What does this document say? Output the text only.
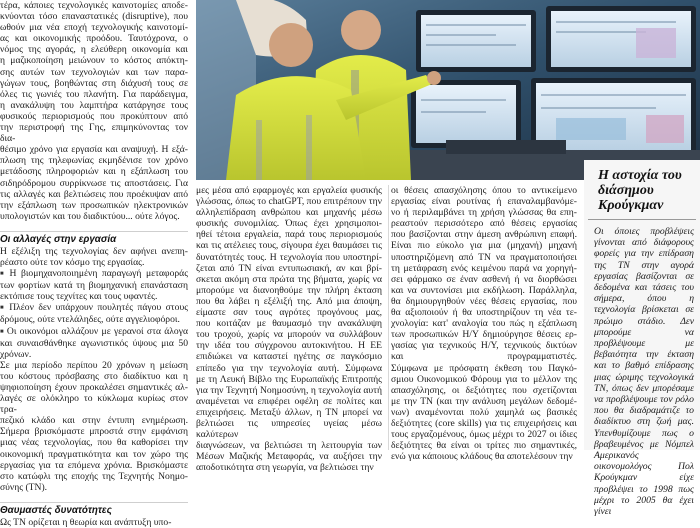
τέρα, κάποιες τεχνολογικές καινοτομίες αποδε-

κνύονται τόσο επαναστατικές (disruptive), που

ωθούν μια νέα εποχή τεχνολογικής καινοτομί-

ας και οικονομικής προόδου. Ταυτόχρονα, ο

νόμος της αγοράς, η ελεύθερη οικονομία και

η μαζικοποίηση μειώνουν το κόστος απόκτη-

σης αυτών των τεχνολογιών και των παρα-

γώγων τους, βοηθώντας στη διάχυσή τους σε

όλες τις γωνιές του πλανήτη. Για παράδειγμα,

η ανακάλυψη του λαμπτήρα κατάργησε τους

φυσικούς περιορισμούς που προκύπτουν από

την περιστροφή της Γης, επιμηκύνοντας τον δια-

θέσιμο χρόνο για εργασία και αναψυχή. Η εξά-

πλωση της τηλεφωνίας εκμηδένισε τον χρόνο

μετάδοσης πληροφοριών και η εξάπλωση του

σιδηρόδρομου συρρίκνωσε τις αποστάσεις. Για

τις αλλαγές και βελτιώσεις που προέκυψαν από

την εξάπλωση των προσωπικών ηλεκτρονικών

υπολογιστών και του διαδικτύου... ούτε λόγος.

Οι αλλαγές στην εργασία

Η εξέλιξη της τεχνολογίας δεν αφήνει ανεπη-

ρέαστο ούτε τον κόσμο της εργασίας.

■ Η βιομηχανοποιημένη παραγωγή μεταφοράς των φορτίων κατά τη βιομηχανική επανάσταση εκτόπισε τους τεχνίτες και τους υφαντές.

■ Πλέον δεν υπάρχουν πουλητές πάγου στους δρόμους, ούτε ντελάληδες, ούτε αγγελιοφόροι.

■ Οι οικονόμοι αλλάζουν με γερανοί στα άλογα και συναισθάνθηκε αγωνιστικός ύψους μια 50 χρόνων.

Σε μια περίοδο περίπου 20 χρόνων η μείωση

του κόστους πρόσβασης στο διαδίκτυο και η

ψηφιοποίηση έχουν προκαλέσει σημαντικές αλ-

λαγές σε ολόκληρο το κύκλωμα κυρίως στον τρα-

πεζικό κλάδο και στην έντυπη ενημέρωση.

Σήμερα βρισκόμαστε μπροστά στην εμφάνιση

μιας νέας τεχνολογίας, που θα καθορίσει την

οικονομική πραγματικότητα και τον χώρο της

εργασίας για τα επόμενα χρόνια. Βρισκόμαστε

στο κατώφλι της εποχής της Τεχνητής Νοημο-

σύνης (ΤΝ).

Θαυμαστές δυνατότητες

Ως ΤΝ ορίζεται η θεωρία και ανάπτυξη υπο-

μες μέσα από εφαρμογές και εργαλεία φυσικής

γλώσσας, όπως το chatGPT, που επιτρέπουν την

αλληλεπίδραση ανθρώπου και μηχανής μέσω

φυσικής συνομιλίας. Όπως έχει χρησιμοποι-

ηθεί τέτοια εργαλεία, παρά τους περιορισμούς

και τις ατέλειες τους, σίγουρα έχει θαυμάσει τις

δυνατότητές τους. Η τεχνολογία που υποστηρί-

ζεται από ΤΝ είναι εντυπωσιακή, αν και βρί-

σκεται ακόμη στα πρώτα της βήματα, χωρίς να

μπορούμε να διανοηθούμε την πλήρη έκταση

που θα λάβει η εξέλιξή της. Από μια άποψη,

είμαστε σαν τους αγρότες προγόνους μας,

που κοιτάζαν με θαυμασμό την ανακάλυψη

του τροχού, χωρίς να μπορούν να συλλάβουν

την ιδέα του σύγχρονου αυτοκινήτου. Η ΕΕ

επιδιώκει να καταστεί ηγέτης σε παγκόσμιο

επίπεδο για την τεχνολογία αυτή. Σύμφωνα

με τη Λευκή Βίβλο της Ευρωπαϊκής Επιτροπής

για την Τεχνητή Νοημοσύνη, η τεχνολογία αυτή

αναμένεται να επιφέρει οφέλη σε πολίτες και

επιχειρήσεις. Μεταξύ άλλων, η ΤΝ μπορεί να

βελτιώσει τις υπηρεσίες υγείας μέσω καλύτερων

διαγνώσεων, να βελτιώσει τη λειτουργία των

Μέσων Μαζικής Μεταφοράς, να αυξήσει την

αποδοτικότητα στη γεωργία, να βελτιώσει την

οι θέσεις απασχόλησης όπου το αντικείμενο

εργασίας είναι ρουτίνας ή επαναλαμβανόμε-

νο ή περιλαμβάνει τη χρήση γλώσσας θα επη-

ρεαστούν περισσότερο από θέσεις εργασίας

που βασίζονται στην άμεση ανθρώπινη επαφή.

Είναι πιο εύκολο για μια (μηχανή) μηχανή

υποστηριζόμενη από ΤΝ να πραγματοποιήσει

τη μετάφραση ενός κειμένου παρά να χορηγή-

σει φάρμακο σε έναν ασθενή ή να διορθώσει

και να συντονίσει μια εκδήλωση. Παράλληλα,

θα δημιουργηθούν νέες θέσεις εργασίας, που

θα αξιοποιούν ή θα υποστηρίζουν τη νέα τε-

χνολογία: κατ' αναλογία του πώς η εξάπλωση

των προσωπικών Η/Υ δημιούργησε θέσεις ερ-

γασίας για τεχνικούς Η/Υ, τεχνικούς δικτύων

και προγραμματιστές.

Σύμφωνα με πρόσφατη έκθεση του Παγκό-

σμιου Οικονομικού Φόρουμ για το μέλλον της

απασχόλησης, οι δεξιότητες που σχετίζονται

με την ΤΝ (και την ανάλυση μεγάλων δεδομέ-

νων) αναμένονται πολύ χαμηλά ως βασικές

δεξιότητες (core skills) για τις επιχειρήσεις και

τους εργαζομένους, όμως μέχρι το 2027 οι ίδιες

δεξιότητες θα είναι οι τρίτες πιο σημαντικές,

ενώ για κάποιους κλάδους θα αποτελέσουν την

Η αστοχία του διάσημου Κρούγκμαν

Οι όποιες προβλέψεις γίνονται από διάφορους φορείς για την επίδραση της ΤΝ στην αγορά εργασίας βασίζονται σε δεδομένα και τάσεις του σήμερα, όπου η τεχνολογία βρίσκεται σε πρώιμο στάδιο. Δεν μπορούμε να προβλέψουμε με βεβαιότητα την έκταση και το βαθμό επίδρασης μιας ώριμης τεχνολογικά ΤΝ, όπως δεν μπορέσαμε να προβλέψουμε τον ρόλο που θα διαδραμάτιζε το διαδίκτυο στη ζωή μας. Υπενθυμίζουμε πως ο βραβευμένος με Νόμπελ Αμερικανός οικονομολόγος Πολ Κρούγκμαν είχε προβλέψει το 1998 πως μέχρι το 2005 θα έχει γίνει
